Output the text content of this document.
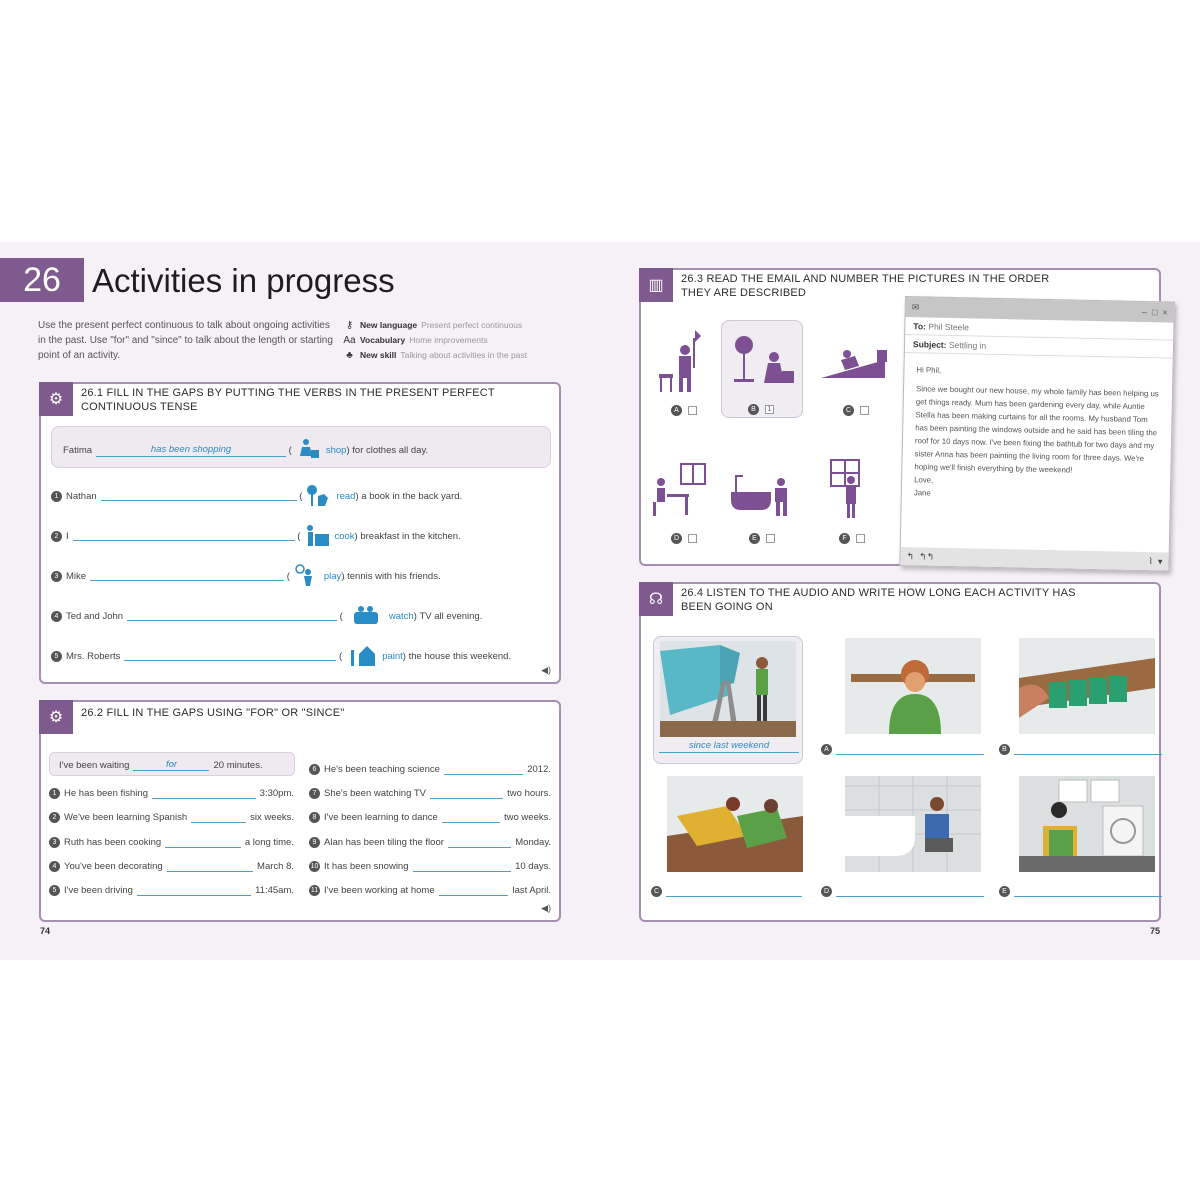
26 Activities in progress
Use the present perfect continuous to talk about ongoing activities in the past. Use "for" and "since" to talk about the length or starting point of an activity.
⚷ New language Present perfect continuous
Aa Vocabulary Home improvements
♣ New skill Talking about activities in the past
⚙	26.1 FILL IN THE GAPS BY PUTTING THE VERBS IN THE PRESENT PERFECT CONTINUOUS TENSE
Fatima	has been shopping	(	shop ) for clothes all day.
1 Nathan	(	read ) a book in the back yard.
2 I	(	cook ) breakfast in the kitchen.
3 Mike	(	play ) tennis with his friends.
4 Ted and John	(	watch ) TV all evening.
5 Mrs. Roberts	(	paint ) the house this weekend.
◀)
⚙	26.2 FILL IN THE GAPS USING "FOR" OR "SINCE"
I've been waiting	for	20 minutes.
1 He has been fishing	3:30pm.
2 We've been learning Spanish	six weeks.
3 Ruth has been cooking	a long time.
4 You've been decorating	March 8.
5 I've been driving	11:45am.
6 He's been teaching science	2012.
7 She's been watching TV	two hours.
8 I've been learning to dance	two weeks.
9 Alan has been tiling the floor	Monday.
10 It has been snowing	10 days.
11 I've been working at home	last April.
◀)
74
▥	26.3 READ THE EMAIL AND NUMBER THE PICTURES IN THE ORDER THEY ARE DESCRIBED
A	B	1	C
D	E	F
✉
– □ ×
To: Phil Steele
Subject: Settling in
Hi Phil,
Since we bought our new house, my whole family has been helping us get things ready. Mum has been gardening every day, while Auntie Stella has been making curtains for all the rooms. My husband Tom has been painting the windows outside and he said has been tiling the roof for 10 days now. I've been fixing the bathtub for two days and my sister Anna has been painting the living room for three days. We're hoping we'll finish everything by the weekend!
Love,
Jane
↰ ↰↰	⌇ ▾
☊	26.4 LISTEN TO THE AUDIO AND WRITE HOW LONG EACH ACTIVITY HAS BEEN GOING ON
since last weekend	A	B
C	D	E
75
